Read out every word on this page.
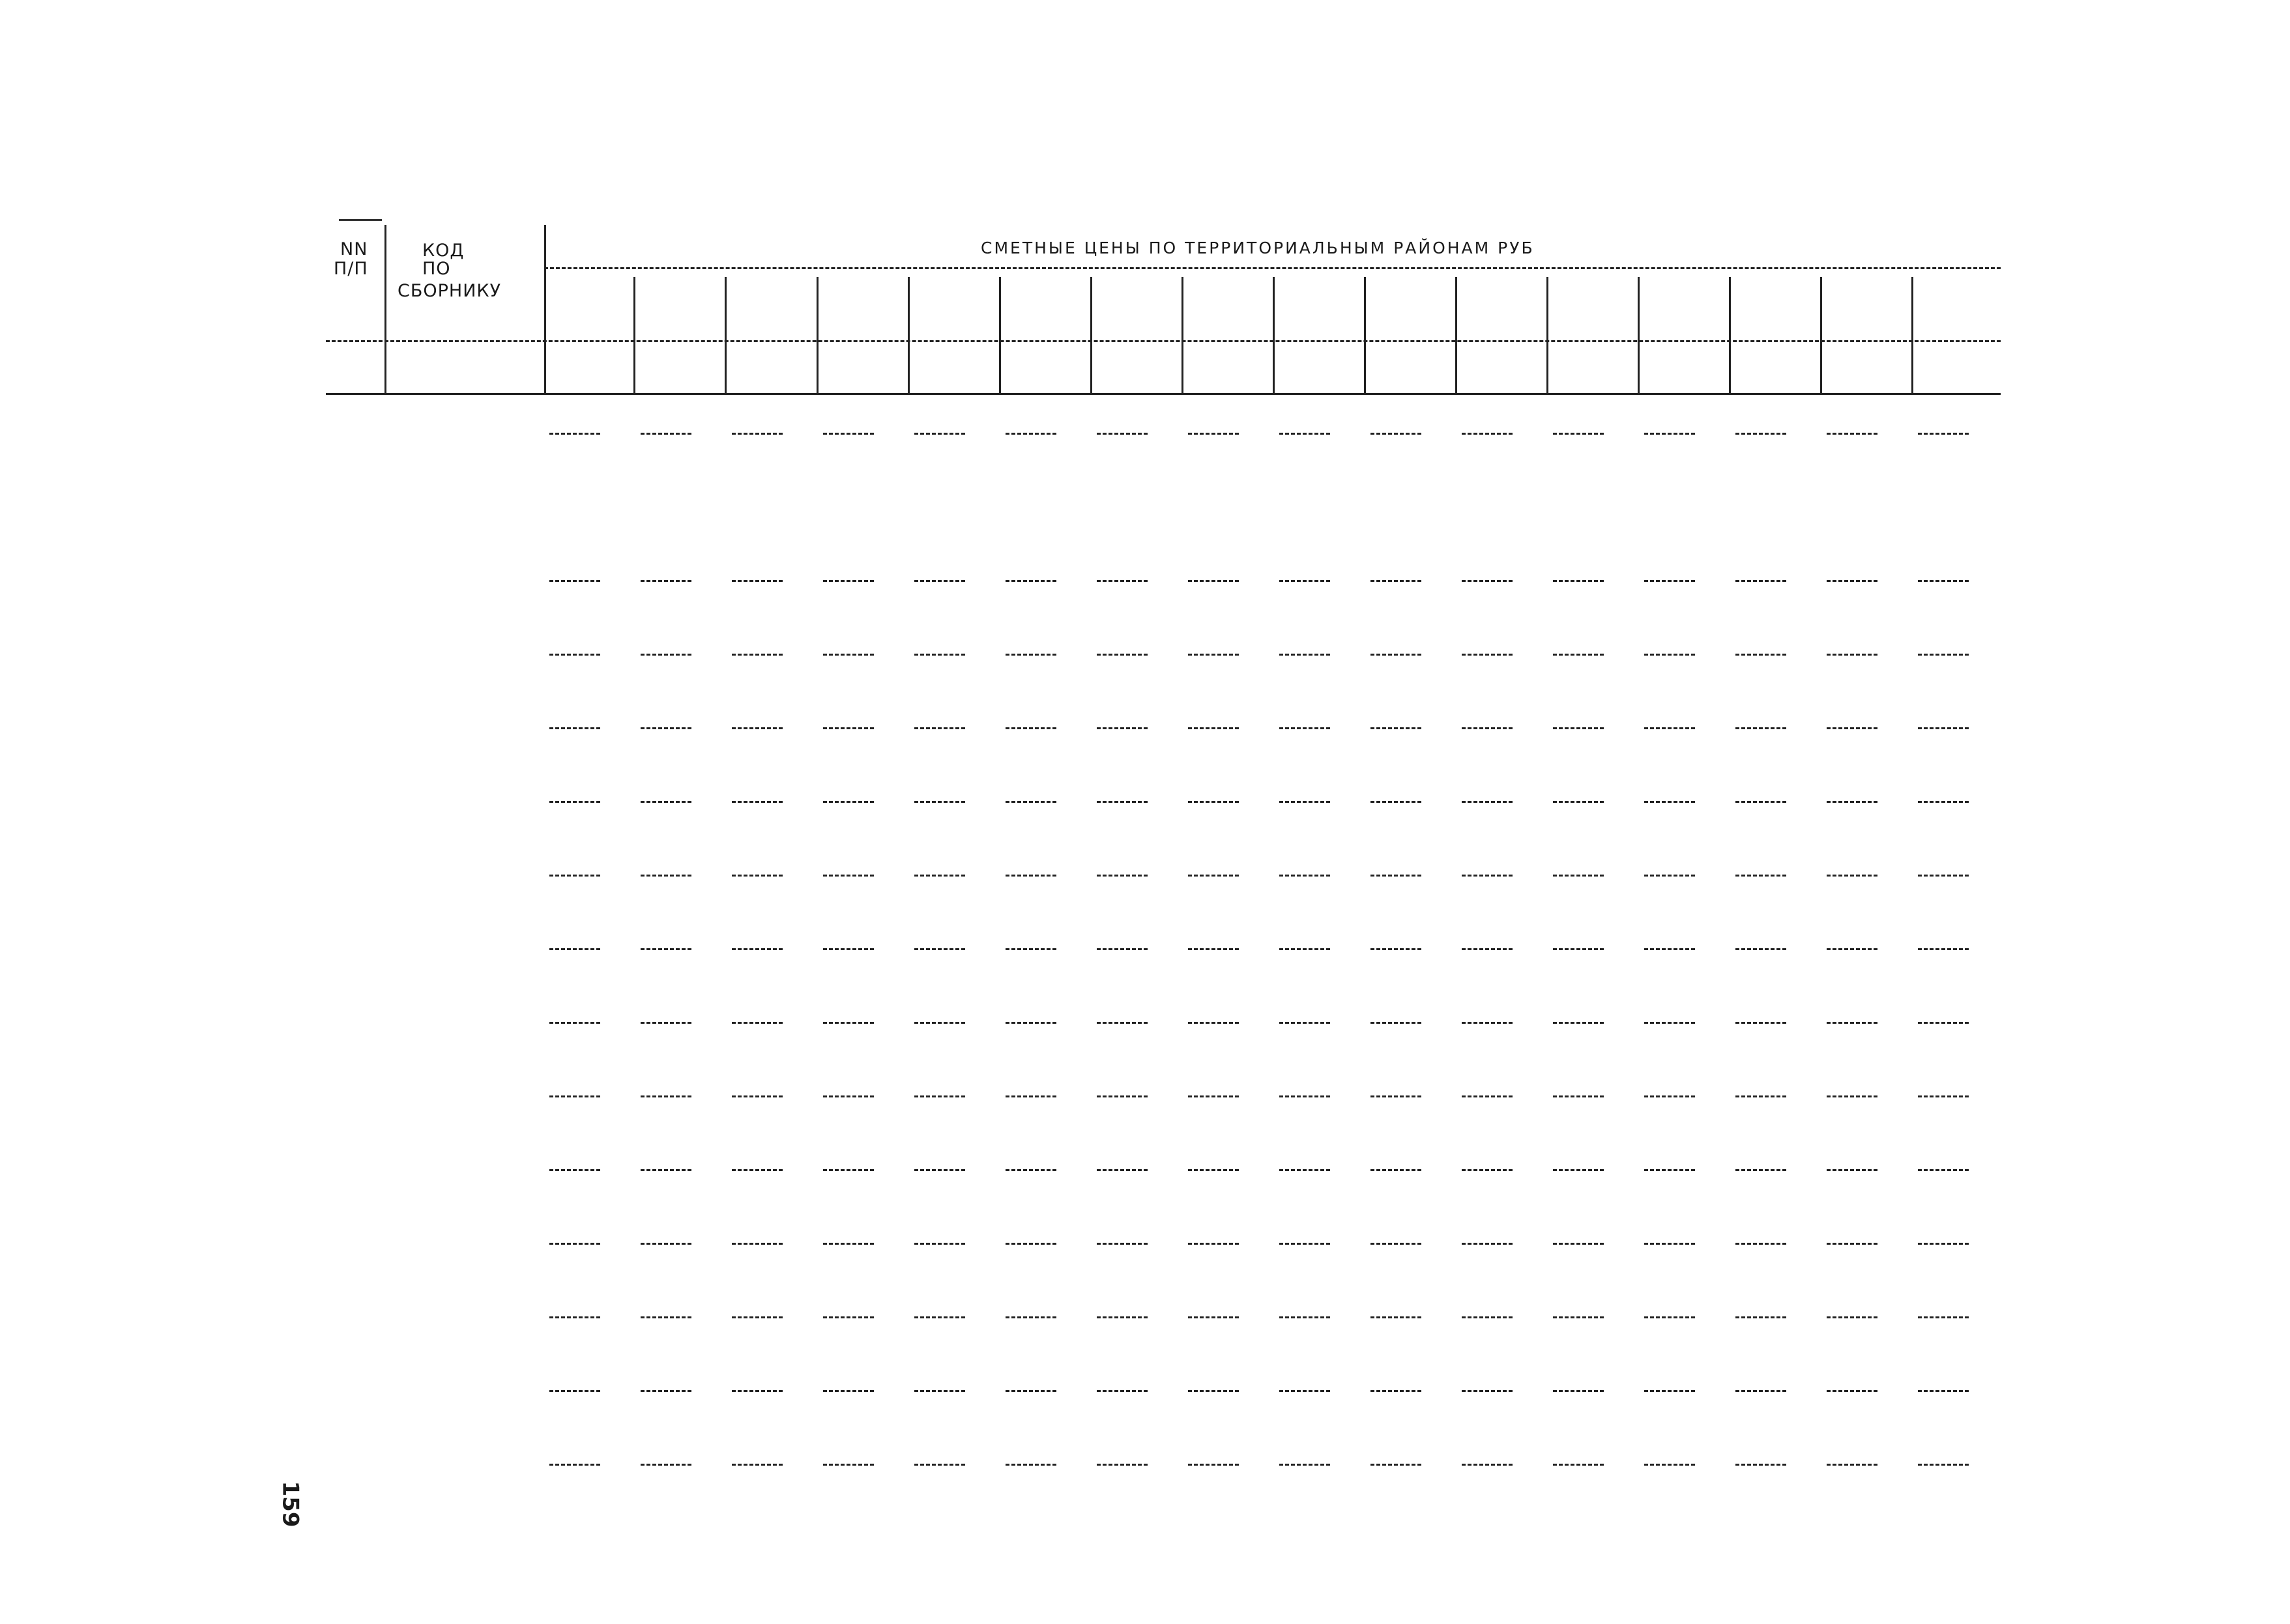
NN
П/П
КОД
ПО
СБОРНИКУ
СМЕТНЫЕ ЦЕНЫ ПО ТЕРРИТОРИАЛЬНЫМ РАЙОНАМ РУБ
159
